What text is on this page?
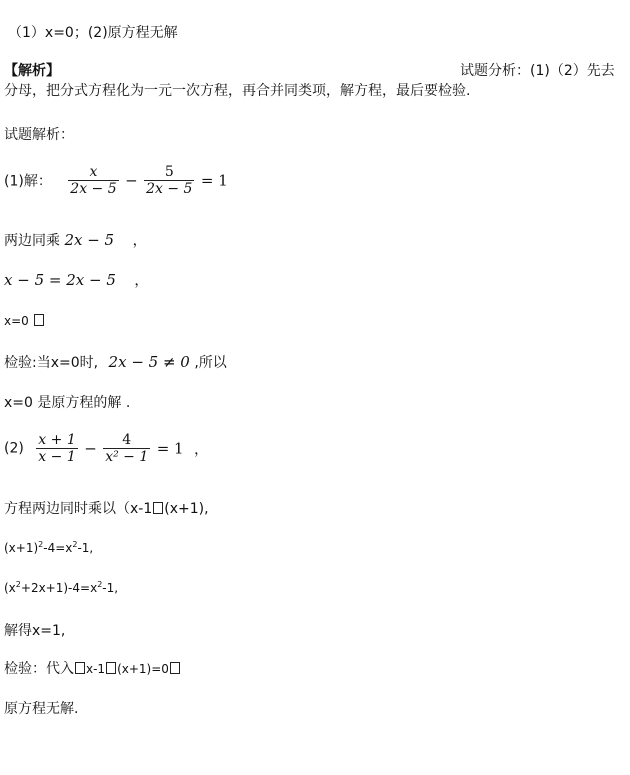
（1）x=0；(2)原方程无解
【解析】	试题分析：(1)（2）先去
分母，把分式方程化为一元一次方程，再合并同类项，解方程，最后要检验.
试题解析：
(1)解： $\frac{x}{2x - 5} - \frac{5}{2x - 5} = 1$
两边同乘 2x − 5 ，
x − 5 = 2x − 5 ，
x=0
检验:当x=0时, 2x − 5 ≠ 0 ,所以
x=0 是原方程的解 .
$(2) \frac{x + 1}{x - 1} - \frac{4}{\text{x² − 1}} = 1$ ，
方程两边同时乘以（x-1 (x+1),
$(x+1)^2-4=x^2-1$,
$(x^2+2x+1)-4=x^2-1$,
解得x=1,
检验：代入 x-1 (x+1)=0
原方程无解.
